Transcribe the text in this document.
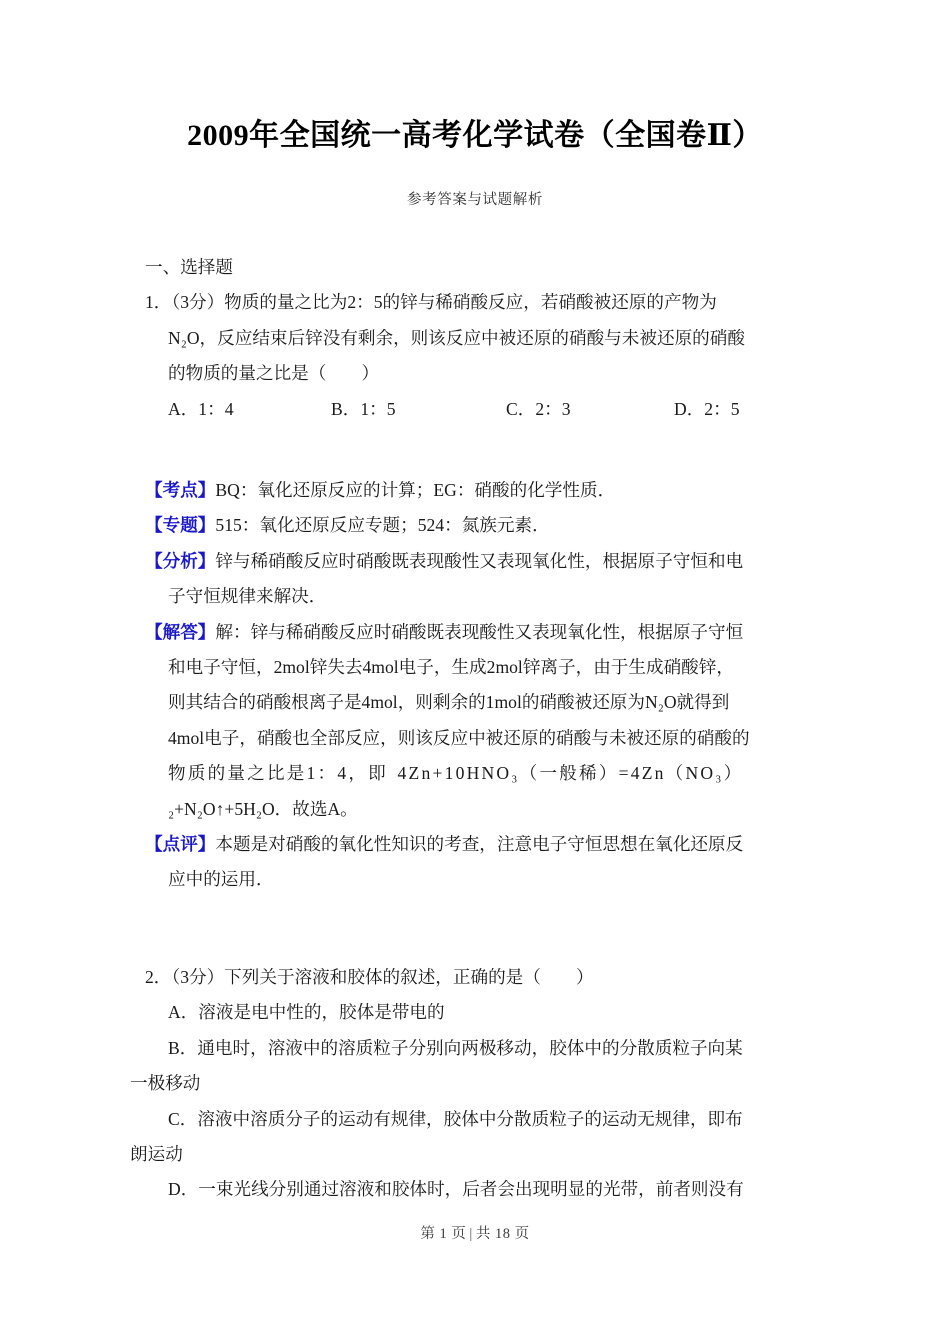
2009年全国统一高考化学试卷（全国卷Ⅱ）
参考答案与试题解析
一、选择题
1．（3分）物质的量之比为2：5的锌与稀硝酸反应，若硝酸被还原的产物为
N₂O，反应结束后锌没有剩余，则该反应中被还原的硝酸与未被还原的硝酸
的物质的量之比是（　　）
A．1：4	B．1：5	C．2：3	D．2：5
【考点】BQ：氧化还原反应的计算；EG：硝酸的化学性质．
【专题】515：氧化还原反应专题；524：氮族元素．
【分析】锌与稀硝酸反应时硝酸既表现酸性又表现氧化性，根据原子守恒和电
子守恒规律来解决．
【解答】解：锌与稀硝酸反应时硝酸既表现酸性又表现氧化性，根据原子守恒
和电子守恒，2mol锌失去4mol电子，生成2mol锌离子，由于生成硝酸锌，
则其结合的硝酸根离子是4mol，则剩余的1mol的硝酸被还原为N₂O就得到
4mol电子，硝酸也全部反应，则该反应中被还原的硝酸与未被还原的硝酸的
物质的量之比是1：4，即 4Zn+10HNO₃（一般稀）=4Zn（NO₃）
₂+N₂O↑+5H₂O．故选A。
【点评】本题是对硝酸的氧化性知识的考查，注意电子守恒思想在氧化还原反
应中的运用．
2．（3分）下列关于溶液和胶体的叙述，正确的是（　　）
A．溶液是电中性的，胶体是带电的
B．通电时，溶液中的溶质粒子分别向两极移动，胶体中的分散质粒子向某
一极移动
C．溶液中溶质分子的运动有规律，胶体中分散质粒子的运动无规律，即布
朗运动
D．一束光线分别通过溶液和胶体时，后者会出现明显的光带，前者则没有
第 1 页 | 共 18 页
